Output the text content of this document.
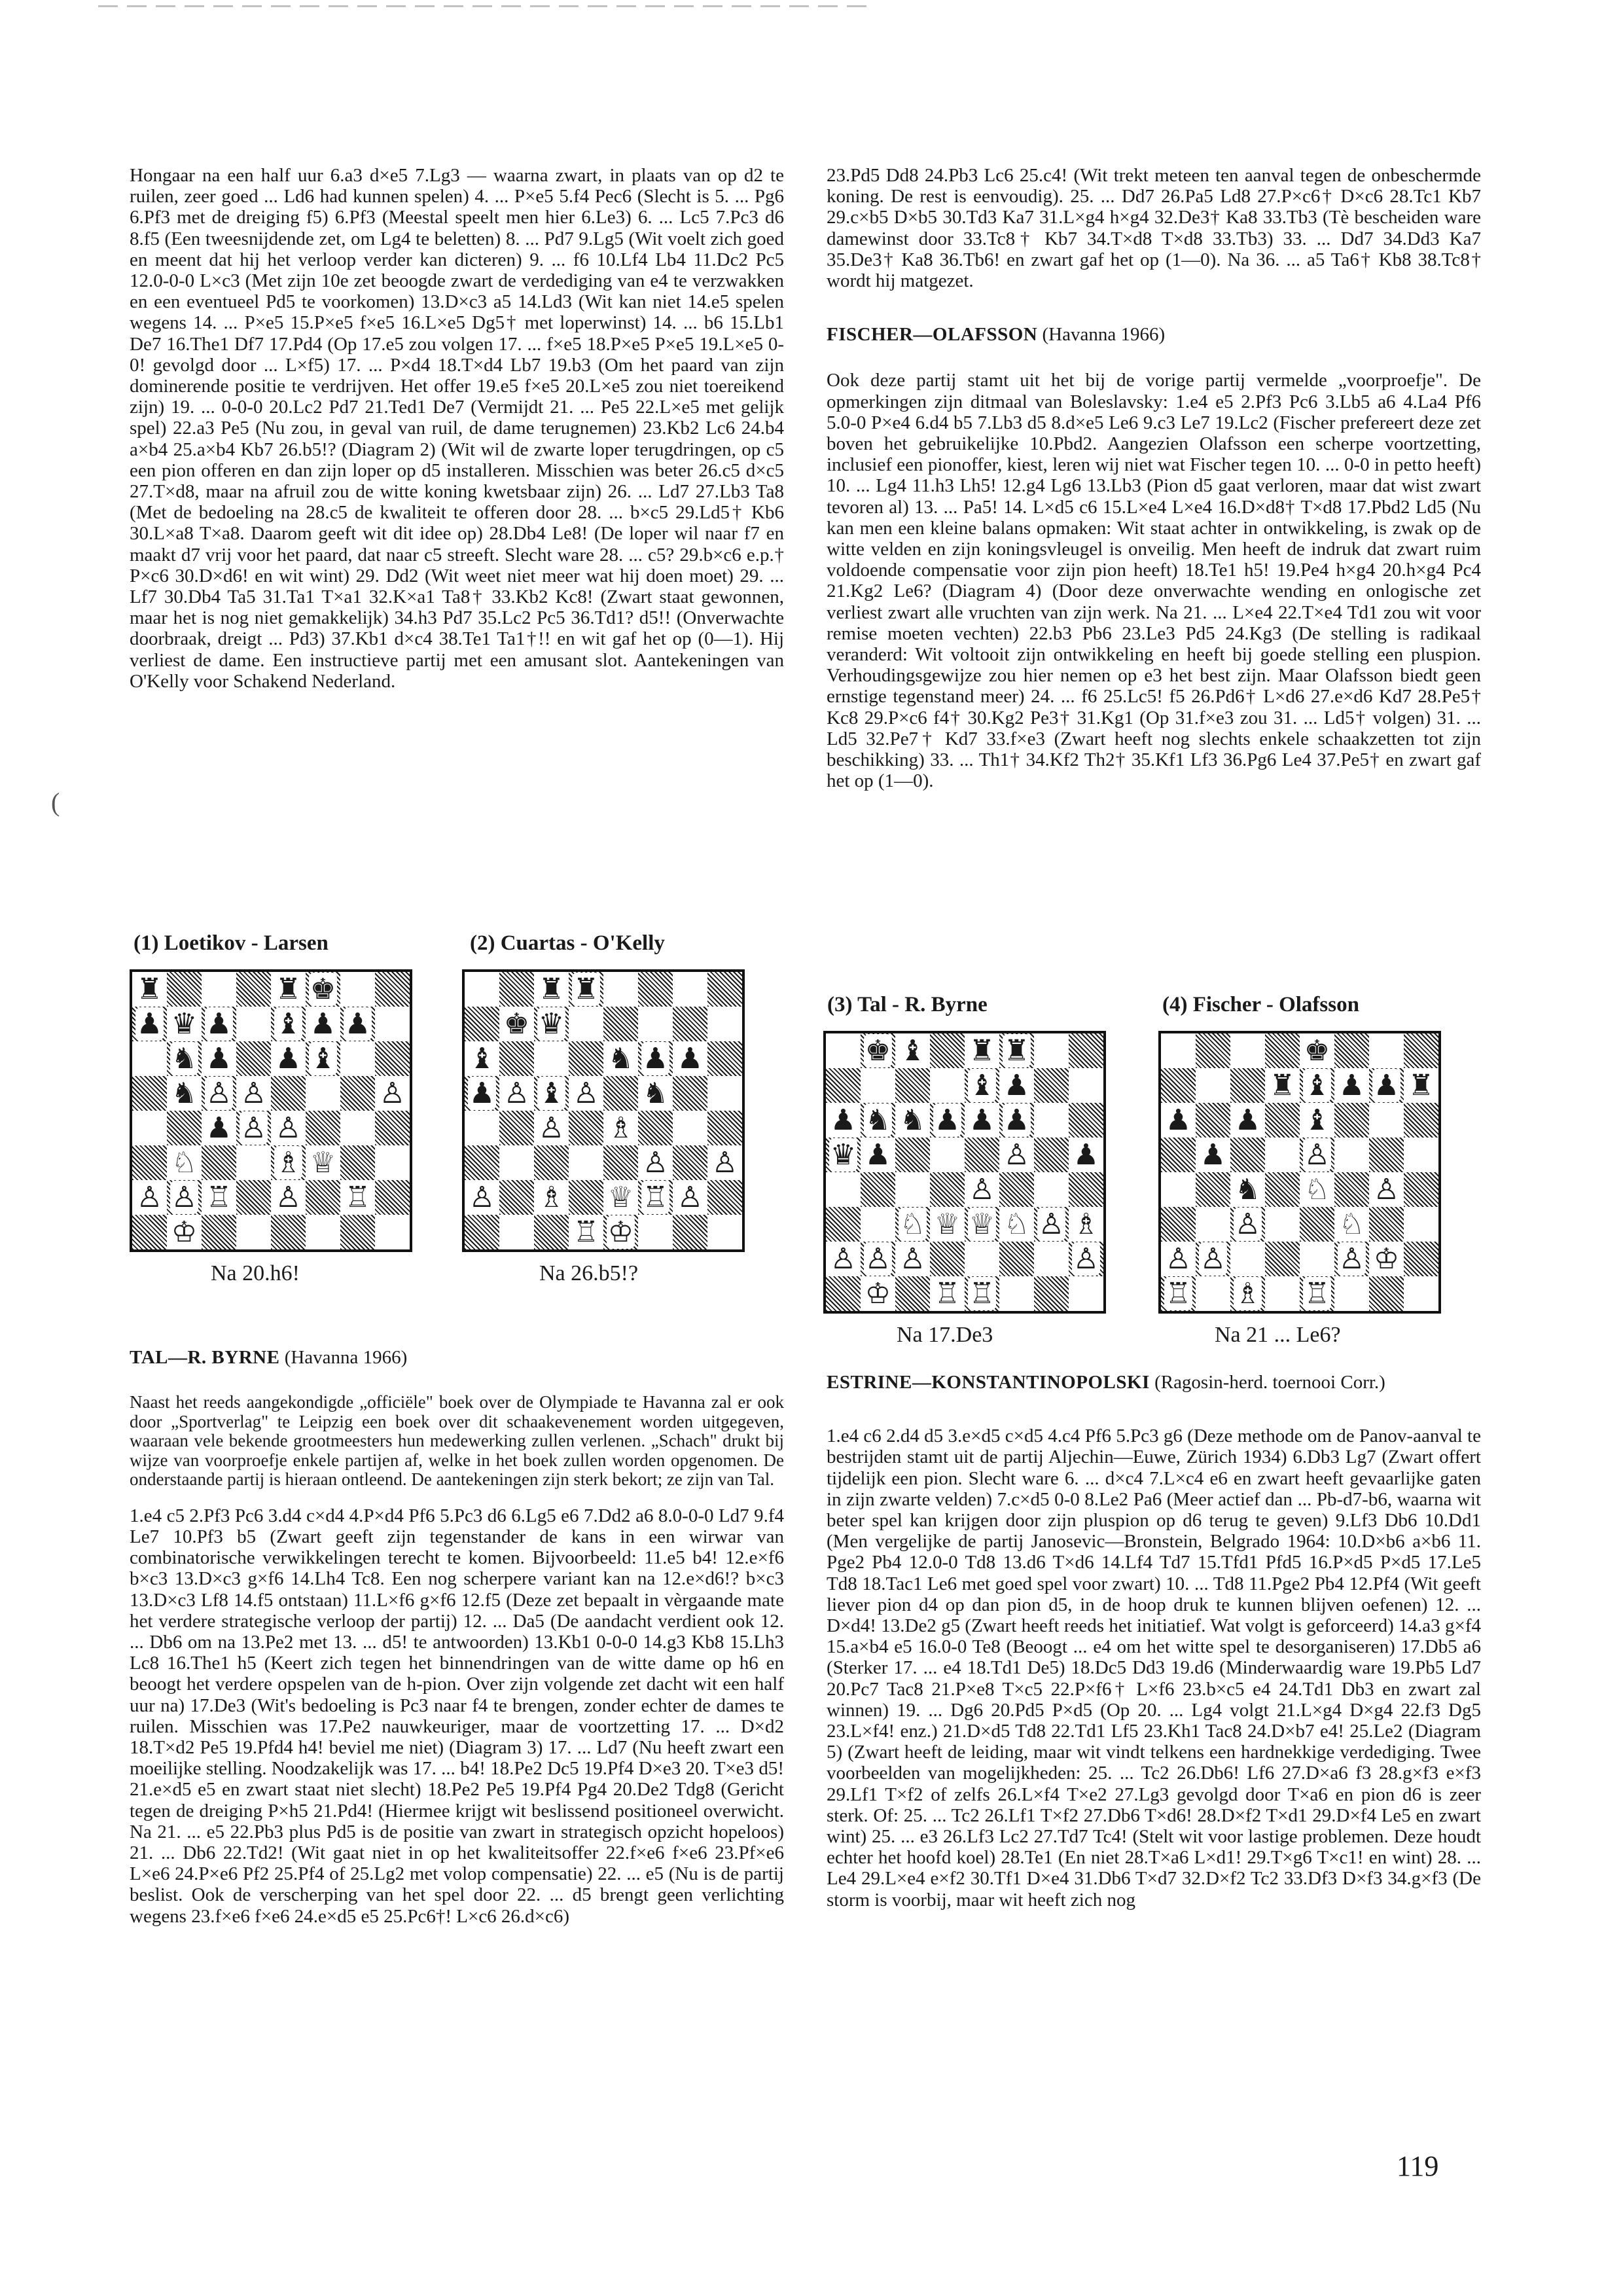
(

Hongaar na een half uur 6.a3 d×e5 7.Lg3 — waarna zwart, in plaats van op d2 te ruilen, zeer goed ... Ld6 had kunnen spelen) 4. ... P×e5 5.f4 Pec6 (Slecht is 5. ... Pg6 6.Pf3 met de dreiging f5) 6.Pf3 (Meestal speelt men hier 6.Le3) 6. ... Lc5 7.Pc3 d6 8.f5 (Een tweesnijdende zet, om Lg4 te beletten) 8. ... Pd7 9.Lg5 (Wit voelt zich goed en meent dat hij het verloop verder kan dicteren) 9. ... f6 10.Lf4 Lb4 11.Dc2 Pc5 12.0-0-0 L×c3 (Met zijn 10e zet beoogde zwart de verdediging van e4 te verzwakken en een eventueel Pd5 te voorkomen) 13.D×c3 a5 14.Ld3 (Wit kan niet 14.e5 spelen wegens 14. ... P×e5 15.P×e5 f×e5 16.L×e5 Dg5† met loperwinst) 14. ... b6 15.Lb1 De7 16.The1 Df7 17.Pd4 (Op 17.e5 zou volgen 17. ... f×e5 18.P×e5 P×e5 19.L×e5 0-0! gevolgd door ... L×f5) 17. ... P×d4 18.T×d4 Lb7 19.b3 (Om het paard van zijn dominerende positie te verdrijven. Het offer 19.e5 f×e5 20.L×e5 zou niet toereikend zijn) 19. ... 0-0-0 20.Lc2 Pd7 21.Ted1 De7 (Vermijdt 21. ... Pe5 22.L×e5 met gelijk spel) 22.a3 Pe5 (Nu zou, in geval van ruil, de dame terugnemen) 23.Kb2 Lc6 24.b4 a×b4 25.a×b4 Kb7 26.b5!? (Diagram 2) (Wit wil de zwarte loper terugdringen, op c5 een pion offeren en dan zijn loper op d5 installeren. Misschien was beter 26.c5 d×c5 27.T×d8, maar na afruil zou de witte koning kwetsbaar zijn) 26. ... Ld7 27.Lb3 Ta8 (Met de bedoeling na 28.c5 de kwaliteit te offeren door 28. ... b×c5 29.Ld5† Kb6 30.L×a8 T×a8. Daarom geeft wit dit idee op) 28.Db4 Le8! (De loper wil naar f7 en maakt d7 vrij voor het paard, dat naar c5 streeft. Slecht ware 28. ... c5? 29.b×c6 e.p.† P×c6 30.D×d6! en wit wint) 29. Dd2 (Wit weet niet meer wat hij doen moet) 29. ... Lf7 30.Db4 Ta5 31.Ta1 T×a1 32.K×a1 Ta8† 33.Kb2 Kc8! (Zwart staat gewonnen, maar het is nog niet gemakkelijk) 34.h3 Pd7 35.Lc2 Pc5 36.Td1? d5!! (Onverwachte doorbraak, dreigt ... Pd3) 37.Kb1 d×c4 38.Te1 Ta1†!! en wit gaf het op (0—1). Hij verliest de dame. Een instructieve partij met een amusant slot. Aantekeningen van O'Kelly voor Schakend Nederland.

(1) Loetikov - Larsen
♜	♜ ♚
♟ ♛ ♟ ♝ ♟ ♟
♞ ♟ ♟ ♝
♞ ♙ ♙	♙
♟ ♙ ♙
♘	♗ ♕
♙ ♙ ♖ ♙ ♖
♔
Na 20.h6!
(2) Cuartas - O'Kelly
♜ ♜
♚ ♛
♝	♞ ♟ ♟
♟ ♙ ♝ ♙ ♞
♙ ♗
♙ ♙
♙ ♗ ♕ ♖ ♙
♖ ♔
Na 26.b5!?

TAL—R. BYRNE (Havanna 1966)

Naast het reeds aangekondigde „officiële" boek over de Olympiade te Havanna zal er ook door „Sportverlag" te Leipzig een boek over dit schaakevenement worden uitgegeven, waaraan vele bekende grootmeesters hun medewerking zullen verlenen. „Schach" drukt bij wijze van voorproefje enkele partijen af, welke in het boek zullen worden opgenomen. De onderstaande partij is hieraan ontleend. De aantekeningen zijn sterk bekort; ze zijn van Tal.

1.e4 c5 2.Pf3 Pc6 3.d4 c×d4 4.P×d4 Pf6 5.Pc3 d6 6.Lg5 e6 7.Dd2 a6 8.0-0-0 Ld7 9.f4 Le7 10.Pf3 b5 (Zwart geeft zijn tegenstander de kans in een wirwar van combinatorische verwikkelingen terecht te komen. Bijvoorbeeld: 11.e5 b4! 12.e×f6 b×c3 13.D×c3 g×f6 14.Lh4 Tc8. Een nog scherpere variant kan na 12.e×d6!? b×c3 13.D×c3 Lf8 14.f5 ontstaan) 11.L×f6 g×f6 12.f5 (Deze zet bepaalt in vèrgaande mate het verdere strategische verloop der partij) 12. ... Da5 (De aandacht verdient ook 12. ... Db6 om na 13.Pe2 met 13. ... d5! te antwoorden) 13.Kb1 0-0-0 14.g3 Kb8 15.Lh3 Lc8 16.The1 h5 (Keert zich tegen het binnendringen van de witte dame op h6 en beoogt het verdere opspelen van de h-pion. Over zijn volgende zet dacht wit een half uur na) 17.De3 (Wit's bedoeling is Pc3 naar f4 te brengen, zonder echter de dames te ruilen. Misschien was 17.Pe2 nauwkeuriger, maar de voortzetting 17. ... D×d2 18.T×d2 Pe5 19.Pfd4 h4! beviel me niet) (Diagram 3) 17. ... Ld7 (Nu heeft zwart een moeilijke stelling. Noodzakelijk was 17. ... b4! 18.Pe2 Dc5 19.Pf4 D×e3 20. T×e3 d5! 21.e×d5 e5 en zwart staat niet slecht) 18.Pe2 Pe5 19.Pf4 Pg4 20.De2 Tdg8 (Gericht tegen de dreiging P×h5 21.Pd4! (Hiermee krijgt wit beslissend positioneel overwicht. Na 21. ... e5 22.Pb3 plus Pd5 is de positie van zwart in strategisch opzicht hopeloos) 21. ... Db6 22.Td2! (Wit gaat niet in op het kwaliteitsoffer 22.f×e6 f×e6 23.Pf×e6 L×e6 24.P×e6 Pf2 25.Pf4 of 25.Lg2 met volop compensatie) 22. ... e5 (Nu is de partij beslist. Ook de verscherping van het spel door 22. ... d5 brengt geen verlichting wegens 23.f×e6 f×e6 24.e×d5 e5 25.Pc6†! L×c6 26.d×c6)

23.Pd5 Dd8 24.Pb3 Lc6 25.c4! (Wit trekt meteen ten aanval tegen de onbeschermde koning. De rest is eenvoudig). 25. ... Dd7 26.Pa5 Ld8 27.P×c6† D×c6 28.Tc1 Kb7 29.c×b5 D×b5 30.Td3 Ka7 31.L×g4 h×g4 32.De3† Ka8 33.Tb3 (Tè bescheiden ware damewinst door 33.Tc8† Kb7 34.T×d8 T×d8 33.Tb3) 33. ... Dd7 34.Dd3 Ka7 35.De3† Ka8 36.Tb6! en zwart gaf het op (1—0). Na 36. ... a5 Ta6† Kb8 38.Tc8† wordt hij matgezet.

FISCHER—OLAFSSON (Havanna 1966)

Ook deze partij stamt uit het bij de vorige partij vermelde „voorproefje". De opmerkingen zijn ditmaal van Boleslavsky: 1.e4 e5 2.Pf3 Pc6 3.Lb5 a6 4.La4 Pf6 5.0-0 P×e4 6.d4 b5 7.Lb3 d5 8.d×e5 Le6 9.c3 Le7 19.Lc2 (Fischer prefereert deze zet boven het gebruikelijke 10.Pbd2. Aangezien Olafsson een scherpe voortzetting, inclusief een pionoffer, kiest, leren wij niet wat Fischer tegen 10. ... 0-0 in petto heeft) 10. ... Lg4 11.h3 Lh5! 12.g4 Lg6 13.Lb3 (Pion d5 gaat verloren, maar dat wist zwart tevoren al) 13. ... Pa5! 14. L×d5 c6 15.L×e4 L×e4 16.D×d8† T×d8 17.Pbd2 Ld5 (Nu kan men een kleine balans opmaken: Wit staat achter in ontwikkeling, is zwak op de witte velden en zijn koningsvleugel is onveilig. Men heeft de indruk dat zwart ruim voldoende compensatie voor zijn pion heeft) 18.Te1 h5! 19.Pe4 h×g4 20.h×g4 Pc4 21.Kg2 Le6? (Diagram 4) (Door deze onverwachte wending en onlogische zet verliest zwart alle vruchten van zijn werk. Na 21. ... L×e4 22.T×e4 Td1 zou wit voor remise moeten vechten) 22.b3 Pb6 23.Le3 Pd5 24.Kg3 (De stelling is radikaal veranderd: Wit voltooit zijn ontwikkeling en heeft bij goede stelling een pluspion. Verhoudingsgewijze zou hier nemen op e3 het best zijn. Maar Olafsson biedt geen ernstige tegenstand meer) 24. ... f6 25.Lc5! f5 26.Pd6† L×d6 27.e×d6 Kd7 28.Pe5† Kc8 29.P×c6 f4† 30.Kg2 Pe3† 31.Kg1 (Op 31.f×e3 zou 31. ... Ld5† volgen) 31. ... Ld5 32.Pe7† Kd7 33.f×e3 (Zwart heeft nog slechts enkele schaakzetten tot zijn beschikking) 33. ... Th1† 34.Kf2 Th2† 35.Kf1 Lf3 36.Pg6 Le4 37.Pe5† en zwart gaf het op (1—0).

(3) Tal - R. Byrne
♚ ♝ ♜ ♜
♝ ♟
♟ ♞ ♞ ♟ ♟ ♟
♛ ♟	♙ ♟
♙
♘ ♕ ♕ ♘ ♙ ♗
♙ ♙ ♙	♙
♔ ♖ ♖
Na 17.De3
(4) Fischer - Olafsson
♚
♜ ♝	♜
♟ ♟ ♝
♟ ♟
♟	♙
♞ ♘ ♙
♙	♘
♙ ♙	♙ ♔
♗ ♖
♖
Na 21 ... Le6?

ESTRINE—KONSTANTINOPOLSKI (Ragosin-herd. toernooi Corr.)

1.e4 c6 2.d4 d5 3.e×d5 c×d5 4.c4 Pf6 5.Pc3 g6 (Deze methode om de Panov-aanval te bestrijden stamt uit de partij Aljechin—Euwe, Zürich 1934) 6.Db3 Lg7 (Zwart offert tijdelijk een pion. Slecht ware 6. ... d×c4 7.L×c4 e6 en zwart heeft gevaarlijke gaten in zijn zwarte velden) 7.c×d5 0-0 8.Le2 Pa6 (Meer actief dan ... Pb-d7-b6, waarna wit beter spel kan krijgen door zijn pluspion op d6 terug te geven) 9.Lf3 Db6 10.Dd1 (Men vergelijke de partij Janosevic—Bronstein, Belgrado 1964: 10.D×b6 a×b6 11. Pge2 Pb4 12.0-0 Td8 13.d6 T×d6 14.Lf4 Td7 15.Tfd1 Pfd5 16.P×d5 P×d5 17.Le5 Td8 18.Tac1 Le6 met goed spel voor zwart) 10. ... Td8 11.Pge2 Pb4 12.Pf4 (Wit geeft liever pion d4 op dan pion d5, in de hoop druk te kunnen blijven oefenen) 12. ... D×d4! 13.De2 g5 (Zwart heeft reeds het initiatief. Wat volgt is geforceerd) 14.a3 g×f4 15.a×b4 e5 16.0-0 Te8 (Beoogt ... e4 om het witte spel te desorganiseren) 17.Db5 a6 (Sterker 17. ... e4 18.Td1 De5) 18.Dc5 Dd3 19.d6 (Minderwaardig ware 19.Pb5 Ld7 20.Pc7 Tac8 21.P×e8 T×c5 22.P×f6† L×f6 23.b×c5 e4 24.Td1 Db3 en zwart zal winnen) 19. ... Dg6 20.Pd5 P×d5 (Op 20. ... Lg4 volgt 21.L×g4 D×g4 22.f3 Dg5 23.L×f4! enz.) 21.D×d5 Td8 22.Td1 Lf5 23.Kh1 Tac8 24.D×b7 e4! 25.Le2 (Diagram 5) (Zwart heeft de leiding, maar wit vindt telkens een hardnekkige verdediging. Twee voorbeelden van mogelijkheden: 25. ... Tc2 26.Db6! Lf6 27.D×a6 f3 28.g×f3 e×f3 29.Lf1 T×f2 of zelfs 26.L×f4 T×e2 27.Lg3 gevolgd door T×a6 en pion d6 is zeer sterk. Of: 25. ... Tc2 26.Lf1 T×f2 27.Db6 T×d6! 28.D×f2 T×d1 29.D×f4 Le5 en zwart wint) 25. ... e3 26.Lf3 Lc2 27.Td7 Tc4! (Stelt wit voor lastige problemen. Deze houdt echter het hoofd koel) 28.Te1 (En niet 28.T×a6 L×d1! 29.T×g6 T×c1! en wint) 28. ... Le4 29.L×e4 e×f2 30.Tf1 D×e4 31.Db6 T×d7 32.D×f2 Tc2 33.Df3 D×f3 34.g×f3 (De storm is voorbij, maar wit heeft zich nog

119
